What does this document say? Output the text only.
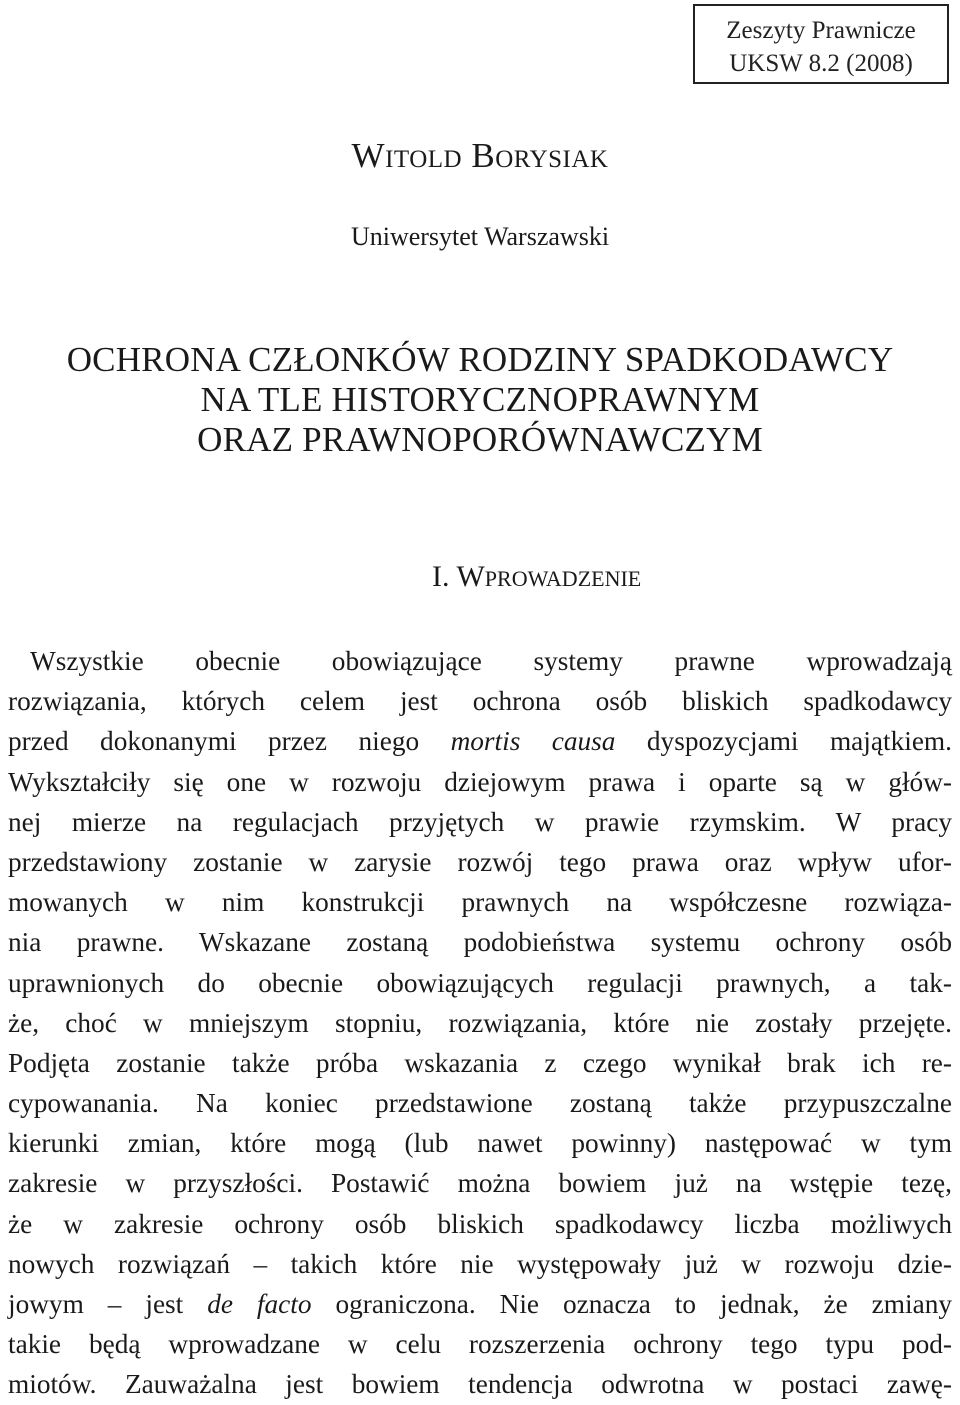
Zeszyty Prawnicze
UKSW 8.2 (2008)
WITOLD BORYSIAK
Uniwersytet Warszawski
OCHRONA CZŁONKÓW RODZINY SPADKODAWCY
NA TLE HISTORYCZNOPRAWNYM
ORAZ PRAWNOPORÓWNAWCZYM
I. WPROWADZENIE
Wszystkie obecnie obowiązujące systemy prawne wprowadzają
rozwiązania, których celem jest ochrona osób bliskich spadkodawcy
przed dokonanymi przez niego mortis causa dyspozycjami majątkiem.
Wykształciły się one w rozwoju dziejowym prawa i oparte są w głów-
nej mierze na regulacjach przyjętych w prawie rzymskim. W pracy
przedstawiony zostanie w zarysie rozwój tego prawa oraz wpływ ufor-
mowanych w nim konstrukcji prawnych na współczesne rozwiąza-
nia prawne. Wskazane zostaną podobieństwa systemu ochrony osób
uprawnionych do obecnie obowiązujących regulacji prawnych, a tak-
że, choć w mniejszym stopniu, rozwiązania, które nie zostały przejęte.
Podjęta zostanie także próba wskazania z czego wynikał brak ich re-
cypowanania. Na koniec przedstawione zostaną także przypuszczalne
kierunki zmian, które mogą (lub nawet powinny) następować w tym
zakresie w przyszłości. Postawić można bowiem już na wstępie tezę,
że w zakresie ochrony osób bliskich spadkodawcy liczba możliwych
nowych rozwiązań – takich które nie występowały już w rozwoju dzie-
jowym – jest de facto ograniczona. Nie oznacza to jednak, że zmiany
takie będą wprowadzane w celu rozszerzenia ochrony tego typu pod-
miotów. Zauważalna jest bowiem tendencja odwrotna w postaci zawę-
